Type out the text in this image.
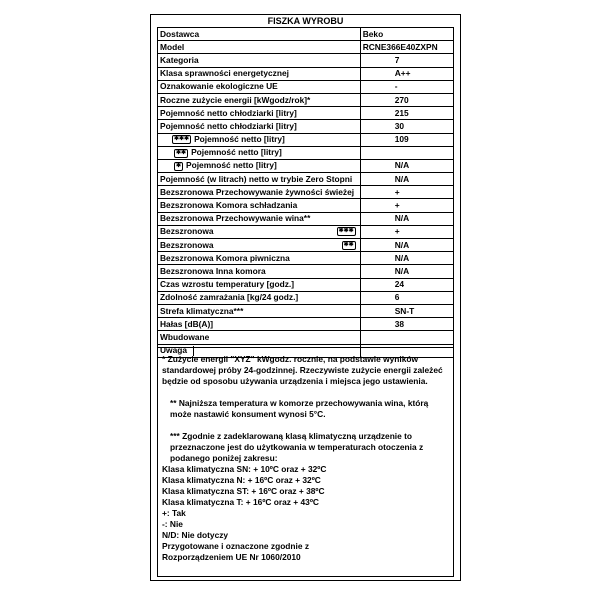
FISZKA WYROBU
Dostawca	Beko
Model	RCNE366E40ZXPN
Kategoria	7
Klasa sprawności energetycznej	A++
Oznakowanie ekologiczne UE	-
Roczne zużycie energii [kWgodz/rok]*	270
Pojemność netto chłodziarki [litry]	215
Pojemność netto chłodziarki [litry]	30
✱✱✱ Pojemność netto [litry]	109
✱✱ Pojemność netto [litry]	
✱ Pojemność netto [litry]	N/A
Pojemność (w litrach) netto w trybie Zero Stopni	N/A
Bezszronowa Przechowywanie żywności świeżej	+
Bezszronowa Komora schładzania	+
Bezszronowa Przechowywanie wina**	N/A
Bezszronowa ✱✱✱	+
Bezszronowa ✱✱	N/A
Bezszronowa Komora piwniczna	N/A
Bezszronowa Inna komora	N/A
Czas wzrostu temperatury [godz.]	24
Zdolność zamrażania [kg/24 godz.]	6
Strefa klimatyczna***	SN-T
Hałas [dB(A)]	38
Wbudowane	
Uwaga	

* Zużycie energii "XYZ" kWgodz. rocznie, na podstawie wyników standardowej próby 24-godzinnej. Rzeczywiste zużycie energii zależeć będzie od sposobu używania urządzenia i miejsca jego ustawienia.

** Najniższa temperatura w komorze przechowywania wina, którą może nastawić konsument wynosi 5°C.

*** Zgodnie z zadeklarowaną klasą klimatyczną urządzenie to przeznaczone jest do użytkowania w temperaturach otoczenia z podanego poniżej zakresu:

Klasa klimatyczna SN: + 10ºC oraz + 32ºC

Klasa klimatyczna N: + 16ºC oraz + 32ºC

Klasa klimatyczna ST: + 16ºC oraz + 38ºC

Klasa klimatyczna T: + 16ºC oraz + 43ºC

+: Tak

-: Nie

N/D: Nie dotyczy

Przygotowane i oznaczone zgodnie z

Rozporządzeniem UE Nr 1060/2010
